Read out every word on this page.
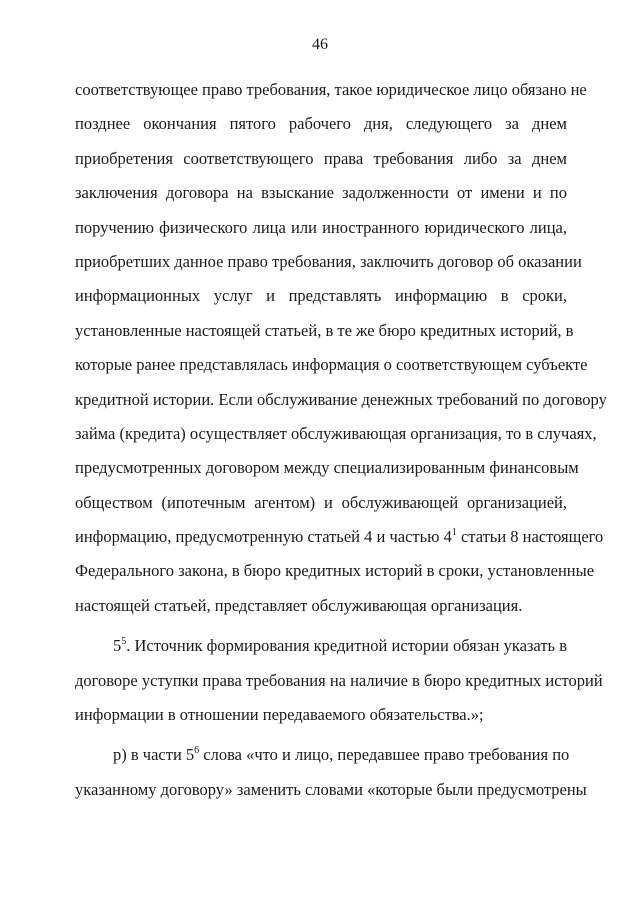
46
соответствующее право требования, такое юридическое лицо обязано не
позднее окончания пятого рабочего дня, следующего за днем
приобретения соответствующего права требования либо за днем
заключения договора на взыскание задолженности от имени и по
поручению физического лица или иностранного юридического лица,
приобретших данное право требования, заключить договор об оказании
информационных услуг и представлять информацию в сроки,
установленные настоящей статьей, в те же бюро кредитных историй, в
которые ранее представлялась информация о соответствующем субъекте
кредитной истории. Если обслуживание денежных требований по договору
займа (кредита) осуществляет обслуживающая организация, то в случаях,
предусмотренных договором между специализированным финансовым
обществом (ипотечным агентом) и обслуживающей организацией,
информацию, предусмотренную статьей 4 и частью $4^1$ статьи 8 настоящего
Федерального закона, в бюро кредитных историй в сроки, установленные
настоящей статьей, представляет обслуживающая организация.
$5^5$. Источник формирования кредитной истории обязан указать в
договоре уступки права требования на наличие в бюро кредитных историй
информации в отношении передаваемого обязательства.»;
р) в части $5^6$ слова «что и лицо, передавшее право требования по
указанному договору» заменить словами «которые были предусмотрены
